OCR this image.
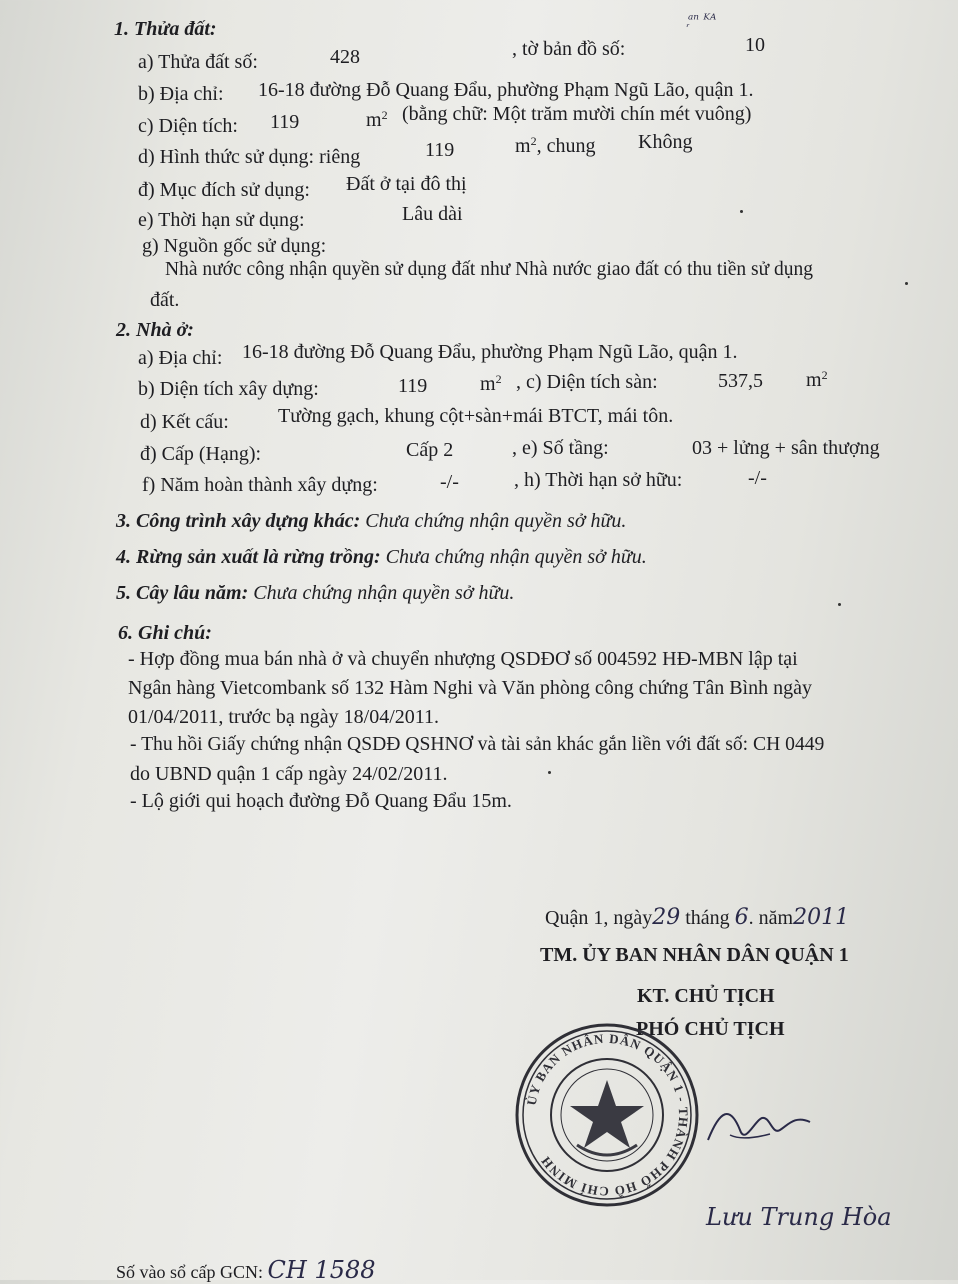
᷊ᵃⁿ ᴷᴬ
1. Thửa đất:
a) Thửa đất số:	428	, tờ bản đồ số:	10
b) Địa chỉ: 16-18 đường Đỗ Quang Đẩu, phường Phạm Ngũ Lão, quận 1.
c) Diện tích: 119	$m^2$ (bằng chữ: Một trăm mười chín mét vuông)
d) Hình thức sử dụng: riêng	119	$m^2$, chung Không
đ) Mục đích sử dụng: Đất ở tại đô thị
e) Thời hạn sử dụng:	Lâu dài
g) Nguồn gốc sử dụng:
Nhà nước công nhận quyền sử dụng đất như Nhà nước giao đất có thu tiền sử dụng
đất.
2. Nhà ở:
a) Địa chỉ: 16-18 đường Đỗ Quang Đẩu, phường Phạm Ngũ Lão, quận 1.
b) Diện tích xây dựng:	119	$m^2$ , c) Diện tích sàn:	537,5 $m^2$
d) Kết cấu: Tường gạch, khung cột+sàn+mái BTCT, mái tôn.
đ) Cấp (Hạng):	Cấp 2	, e) Số tầng:	03 + lửng + sân thượng
f) Năm hoàn thành xây dựng:	-/-	, h) Thời hạn sở hữu:	-/-
3. Công trình xây dựng khác: Chưa chứng nhận quyền sở hữu.
4. Rừng sản xuất là rừng trồng: Chưa chứng nhận quyền sở hữu.
5. Cây lâu năm: Chưa chứng nhận quyền sở hữu.
6. Ghi chú:
- Hợp đồng mua bán nhà ở và chuyển nhượng QSDĐƠ số 004592 HĐ-MBN lập tại
Ngân hàng Vietcombank số 132 Hàm Nghi và Văn phòng công chứng Tân Bình ngày
01/04/2011, trước bạ ngày 18/04/2011.
- Thu hồi Giấy chứng nhận QSDĐ QSHNƠ và tài sản khác gắn liền với đất số: CH 0449
do UBND quận 1 cấp ngày 24/02/2011.
- Lộ giới qui hoạch đường Đỗ Quang Đẩu 15m.
Quận 1, ngày29 tháng 6. năm2011
TM. ỦY BAN NHÂN DÂN QUẬN 1
KT. CHỦ TỊCH
PHÓ CHỦ TỊCH
ỦY BAN NHÂN DÂN QUẬN 1 - THÀNH PHỐ HỒ CHÍ MINH
Lưu Trung Hòa
Số vào sổ cấp GCN: CH 1588
